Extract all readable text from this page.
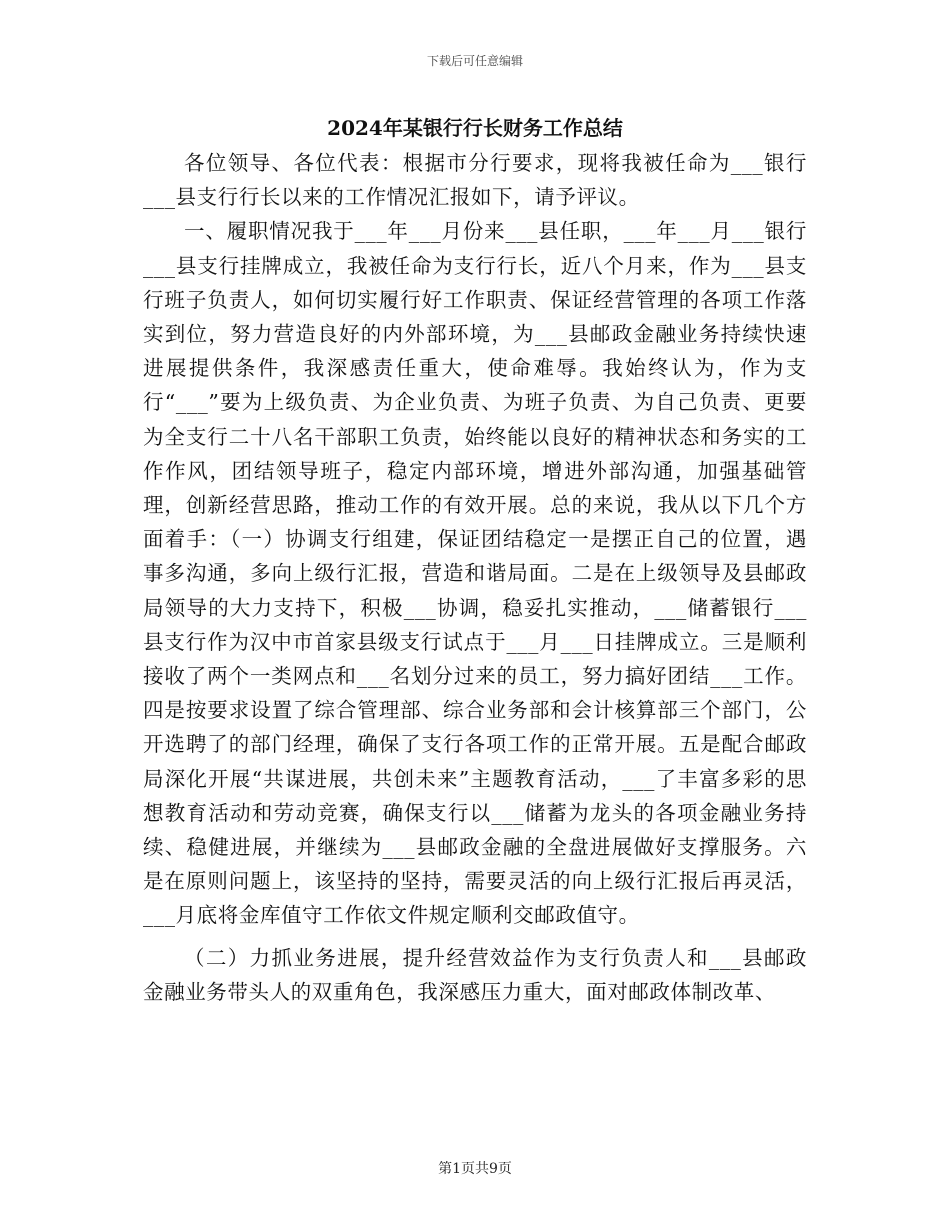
下载后可任意编辑
2024年某银行行长财务工作总结

各位领导、各位代表：根据市分行要求，现将我被任命为___银行___县支行行长以来的工作情况汇报如下，请予评议。

一、履职情况我于___年___月份来___县任职，___年___月___银行___县支行挂牌成立，我被任命为支行行长，近八个月来，作为___县支行班子负责人，如何切实履行好工作职责、保证经营管理的各项工作落实到位，努力营造良好的内外部环境，为___县邮政金融业务持续快速进展提供条件，我深感责任重大，使命难辱。我始终认为，作为支行“___”要为上级负责、为企业负责、为班子负责、为自己负责、更要为全支行二十八名干部职工负责，始终能以良好的精神状态和务实的工作作风，团结领导班子，稳定内部环境，增进外部沟通，加强基础管理，创新经营思路，推动工作的有效开展。总的来说，我从以下几个方面着手：（一）协调支行组建，保证团结稳定一是摆正自己的位置，遇事多沟通，多向上级行汇报，营造和谐局面。二是在上级领导及县邮政局领导的大力支持下，积极___协调，稳妥扎实推动，___储蓄银行___县支行作为汉中市首家县级支行试点于___月___日挂牌成立。三是顺利接收了两个一类网点和___名划分过来的员工，努力搞好团结___工作。四是按要求设置了综合管理部、综合业务部和会计核算部三个部门，公开选聘了的部门经理，确保了支行各项工作的正常开展。五是配合邮政局深化开展“共谋进展，共创未来”主题教育活动，___了丰富多彩的思想教育活动和劳动竞赛，确保支行以___储蓄为龙头的各项金融业务持续、稳健进展，并继续为___县邮政金融的全盘进展做好支撑服务。六是在原则问题上，该坚持的坚持，需要灵活的向上级行汇报后再灵活，___月底将金库值守工作依文件规定顺利交邮政值守。

（二）力抓业务进展，提升经营效益作为支行负责人和___县邮政金融业务带头人的双重角色，我深感压力重大，面对邮政体制改革、

第1页共9页
